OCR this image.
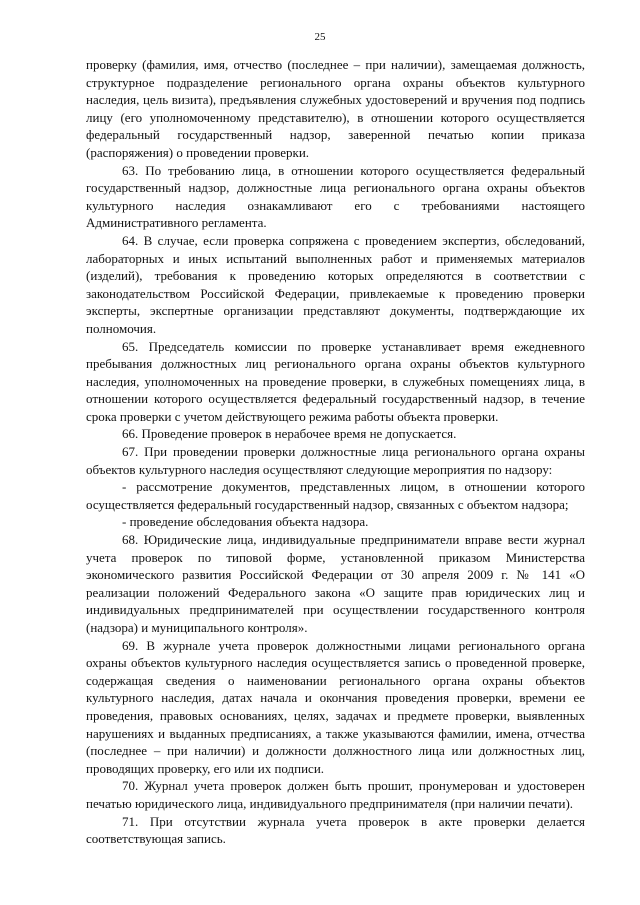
25

проверку (фамилия, имя, отчество (последнее – при наличии), замещаемая должность, структурное подразделение регионального органа охраны объектов культурного наследия, цель визита), предъявления служебных удостоверений и вручения под подпись лицу (его уполномоченному представителю), в отношении которого осуществляется федеральный государственный надзор, заверенной печатью копии приказа (распоряжения) о проведении проверки.

63. По требованию лица, в отношении которого осуществляется федеральный государственный надзор, должностные лица регионального органа охраны объектов культурного наследия ознакамливают его с требованиями настоящего Административного регламента.

64. В случае, если проверка сопряжена с проведением экспертиз, обследований, лабораторных и иных испытаний выполненных работ и применяемых материалов (изделий), требования к проведению которых определяются в соответствии с законодательством Российской Федерации, привлекаемые к проведению проверки эксперты, экспертные организации представляют документы, подтверждающие их полномочия.

65. Председатель комиссии по проверке устанавливает время ежедневного пребывания должностных лиц регионального органа охраны объектов культурного наследия, уполномоченных на проведение проверки, в служебных помещениях лица, в отношении которого осуществляется федеральный государственный надзор, в течение срока проверки с учетом действующего режима работы объекта проверки.

66. Проведение проверок в нерабочее время не допускается.

67. При проведении проверки должностные лица регионального органа охраны объектов культурного наследия осуществляют следующие мероприятия по надзору:

- рассмотрение документов, представленных лицом, в отношении которого осуществляется федеральный государственный надзор, связанных с объектом надзора;

- проведение обследования объекта надзора.

68. Юридические лица, индивидуальные предприниматели вправе вести журнал учета проверок по типовой форме, установленной приказом Министерства экономического развития Российской Федерации от 30 апреля 2009 г. № 141 «О реализации положений Федерального закона «О защите прав юридических лиц и индивидуальных предпринимателей при осуществлении государственного контроля (надзора) и муниципального контроля».

69. В журнале учета проверок должностными лицами регионального органа охраны объектов культурного наследия осуществляется запись о проведенной проверке, содержащая сведения о наименовании регионального органа охраны объектов культурного наследия, датах начала и окончания проведения проверки, времени ее проведения, правовых основаниях, целях, задачах и предмете проверки, выявленных нарушениях и выданных предписаниях, а также указываются фамилии, имена, отчества (последнее – при наличии) и должности должностного лица или должностных лиц, проводящих проверку, его или их подписи.

70. Журнал учета проверок должен быть прошит, пронумерован и удостоверен печатью юридического лица, индивидуального предпринимателя (при наличии печати).

71. При отсутствии журнала учета проверок в акте проверки делается соответствующая запись.
